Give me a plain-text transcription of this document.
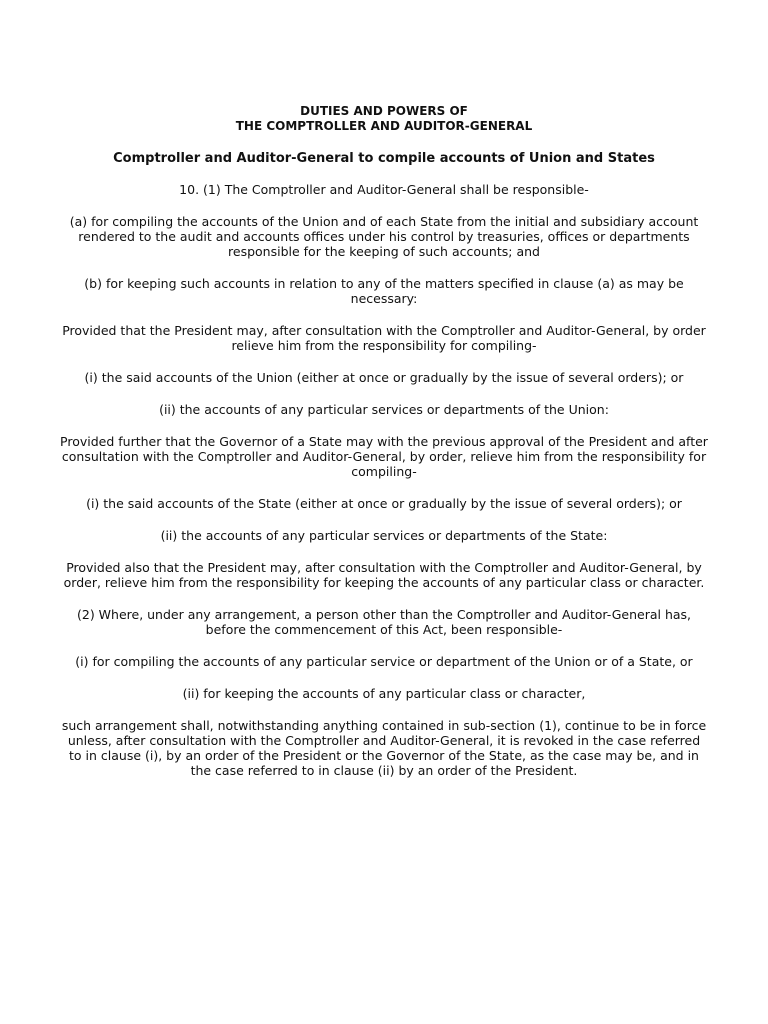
DUTIES AND POWERS OF
THE COMPTROLLER AND AUDITOR-GENERAL

Comptroller and Auditor-General to compile accounts of Union and States

10. (1) The Comptroller and Auditor-General shall be responsible-

(a) for compiling the accounts of the Union and of each State from the initial and subsidiary account rendered to the audit and accounts offices under his control by treasuries, offices or departments responsible for the keeping of such accounts; and

(b) for keeping such accounts in relation to any of the matters specified in clause (a) as may be necessary:

Provided that the President may, after consultation with the Comptroller and Auditor-General, by order relieve him from the responsibility for compiling-

(i) the said accounts of the Union (either at once or gradually by the issue of several orders); or

(ii) the accounts of any particular services or departments of the Union:

Provided further that the Governor of a State may with the previous approval of the President and after consultation with the Comptroller and Auditor-General, by order, relieve him from the responsibility for compiling-

(i) the said accounts of the State (either at once or gradually by the issue of several orders); or

(ii) the accounts of any particular services or departments of the State:

Provided also that the President may, after consultation with the Comptroller and Auditor-General, by order, relieve him from the responsibility for keeping the accounts of any particular class or character.

(2) Where, under any arrangement, a person other than the Comptroller and Auditor-General has, before the commencement of this Act, been responsible-

(i) for compiling the accounts of any particular service or department of the Union or of a State, or

(ii) for keeping the accounts of any particular class or character,

such arrangement shall, notwithstanding anything contained in sub-section (1), continue to be in force unless, after consultation with the Comptroller and Auditor-General, it is revoked in the case referred to in clause (i), by an order of the President or the Governor of the State, as the case may be, and in the case referred to in clause (ii) by an order of the President.
